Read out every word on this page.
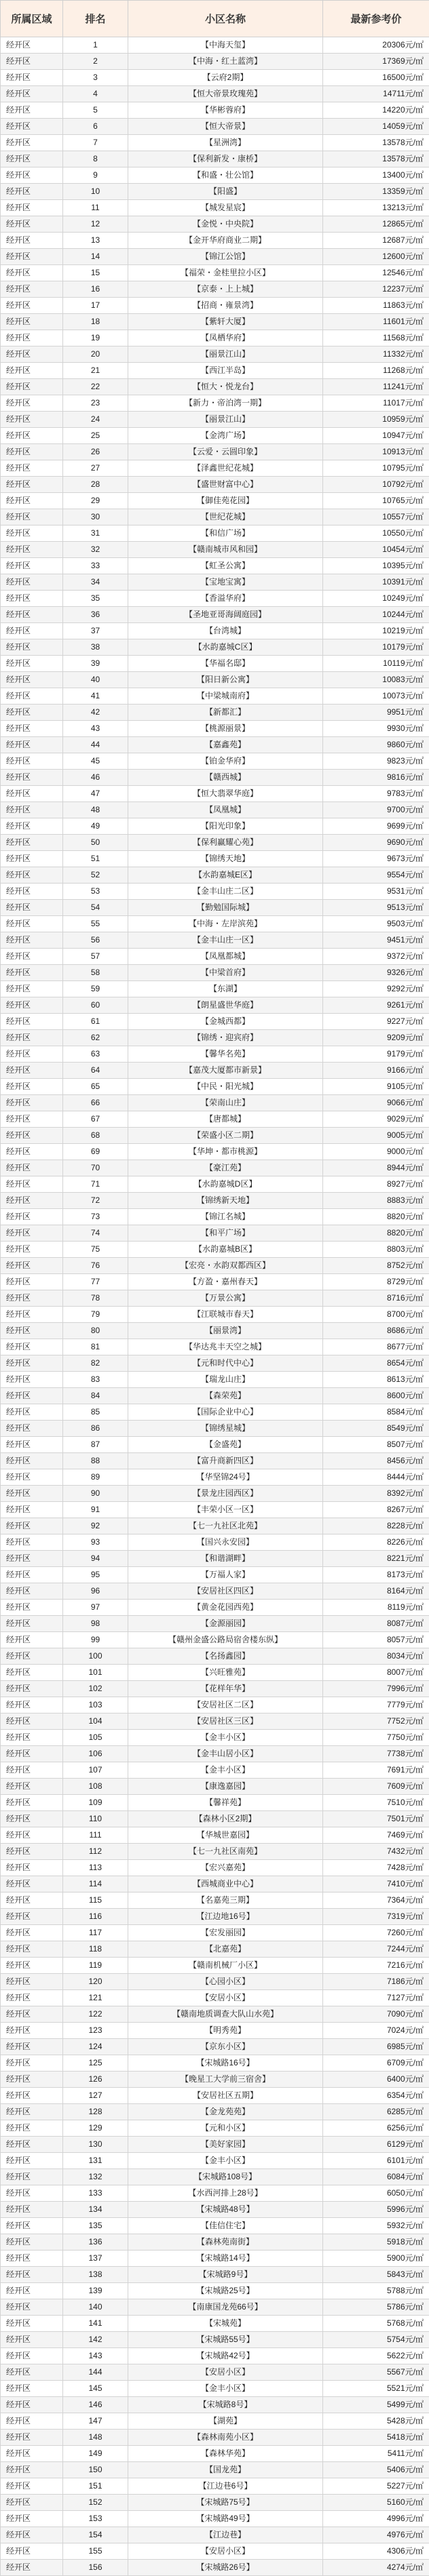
所属区域	排名	小区名称	最新参考价
经开区	1	【中海天玺】	20306元/㎡
经开区	2	【中海・红土蓝湾】	17369元/㎡
经开区	3	【云府2期】	16500元/㎡
经开区	4	【恒大帝景玫瑰苑】	14711元/㎡
经开区	5	【华彬蓉府】	14220元/㎡
经开区	6	【恒大帝景】	14059元/㎡
经开区	7	【星洲湾】	13578元/㎡
经开区	8	【保利新发・康桥】	13578元/㎡
经开区	9	【和盛・壮公馆】	13400元/㎡
经开区	10	【阳盛】	13359元/㎡
经开区	11	【城发星宸】	13213元/㎡
经开区	12	【金悦・中央院】	12865元/㎡
经开区	13	【金开华府商业二期】	12687元/㎡
经开区	14	【锦江公馆】	12600元/㎡
经开区	15	【福荣・金桂里拉小区】	12546元/㎡
经开区	16	【京泰・上上城】	12237元/㎡
经开区	17	【招商・雍景湾】	11863元/㎡
经开区	18	【紫轩大厦】	11601元/㎡
经开区	19	【凤栖华府】	11568元/㎡
经开区	20	【丽景江山】	11332元/㎡
经开区	21	【西江半岛】	11268元/㎡
经开区	22	【恒大・悦龙台】	11241元/㎡
经开区	23	【新力・帝泊湾一期】	11017元/㎡
经开区	24	【丽景江山】	10959元/㎡
经开区	25	【金湾广场】	10947元/㎡
经开区	26	【云爱・云圆印象】	10913元/㎡
经开区	27	【泽鑫世纪花城】	10795元/㎡
经开区	28	【盛世财富中心】	10792元/㎡
经开区	29	【御佳苑花园】	10765元/㎡
经开区	30	【世纪花城】	10557元/㎡
经开区	31	【和信广场】	10550元/㎡
经开区	32	【赣南城市风和园】	10454元/㎡
经开区	33	【虹圣公寓】	10395元/㎡
经开区	34	【宝地宝寓】	10391元/㎡
经开区	35	【香溢华府】	10249元/㎡
经开区	36	【圣地亚哥海阔庭园】	10244元/㎡
经开区	37	【台湾城】	10219元/㎡
经开区	38	【水韵嘉城C区】	10179元/㎡
经开区	39	【华福名邸】	10119元/㎡
经开区	40	【阳日新公寓】	10083元/㎡
经开区	41	【中梁城南府】	10073元/㎡
经开区	42	【新都汇】	9951元/㎡
经开区	43	【桃源丽景】	9930元/㎡
经开区	44	【嘉鑫苑】	9860元/㎡
经开区	45	【铂金华府】	9823元/㎡
经开区	46	【赣西城】	9816元/㎡
经开区	47	【恒大翡翠华庭】	9783元/㎡
经开区	48	【凤凰城】	9700元/㎡
经开区	49	【阳光印象】	9699元/㎡
经开区	50	【保利赢耀心苑】	9690元/㎡
经开区	51	【锦绣天地】	9673元/㎡
经开区	52	【水韵嘉城E区】	9554元/㎡
经开区	53	【金丰山庄二区】	9531元/㎡
经开区	54	【勤勉国际城】	9513元/㎡
经开区	55	【中海・左岸滨苑】	9503元/㎡
经开区	56	【金丰山庄一区】	9451元/㎡
经开区	57	【凤凰都城】	9372元/㎡
经开区	58	【中梁首府】	9326元/㎡
经开区	59	【东湖】	9292元/㎡
经开区	60	【朗星盛世华庭】	9261元/㎡
经开区	61	【金城西都】	9227元/㎡
经开区	62	【锦绣・迎宾府】	9209元/㎡
经开区	63	【馨华名苑】	9179元/㎡
经开区	64	【嘉茂大厦都市新景】	9166元/㎡
经开区	65	【中民・阳光城】	9105元/㎡
经开区	66	【荣南山庄】	9066元/㎡
经开区	67	【唐都城】	9029元/㎡
经开区	68	【荣盛小区二期】	9005元/㎡
经开区	69	【华坤・都市桃源】	9000元/㎡
经开区	70	【豪江苑】	8944元/㎡
经开区	71	【水韵嘉城D区】	8927元/㎡
经开区	72	【锦绣新天地】	8883元/㎡
经开区	73	【锦江名城】	8820元/㎡
经开区	74	【和平广场】	8820元/㎡
经开区	75	【水韵嘉城B区】	8803元/㎡
经开区	76	【宏亮・水韵双都西区】	8752元/㎡
经开区	77	【方盈・嘉州春天】	8729元/㎡
经开区	78	【万景公寓】	8716元/㎡
经开区	79	【江联城市春天】	8700元/㎡
经开区	80	【丽景湾】	8686元/㎡
经开区	81	【华达兆丰天空之城】	8677元/㎡
经开区	82	【元和时代中心】	8654元/㎡
经开区	83	【瑞龙山庄】	8613元/㎡
经开区	84	【森荣苑】	8600元/㎡
经开区	85	【国际企业中心】	8584元/㎡
经开区	86	【锦绣星城】	8549元/㎡
经开区	87	【金盛苑】	8507元/㎡
经开区	88	【富升商新四区】	8456元/㎡
经开区	89	【华坚锦24号】	8444元/㎡
经开区	90	【景龙庄园西区】	8392元/㎡
经开区	91	【丰荣小区一区】	8267元/㎡
经开区	92	【七一九社区北苑】	8228元/㎡
经开区	93	【国兴永安园】	8226元/㎡
经开区	94	【和谐湖畔】	8221元/㎡
经开区	95	【万福人家】	8173元/㎡
经开区	96	【安居社区四区】	8164元/㎡
经开区	97	【黄金花园西苑】	8119元/㎡
经开区	98	【金源丽园】	8087元/㎡
经开区	99	【赣州金盛公路局宿舍楼东纵】	8057元/㎡
经开区	100	【名扬鑫园】	8034元/㎡
经开区	101	【兴旺雅苑】	8007元/㎡
经开区	102	【花样年华】	7996元/㎡
经开区	103	【安居社区二区】	7779元/㎡
经开区	104	【安居社区三区】	7752元/㎡
经开区	105	【金丰小区】	7750元/㎡
经开区	106	【金丰山居小区】	7738元/㎡
经开区	107	【金丰小区】	7691元/㎡
经开区	108	【康逸嘉园】	7609元/㎡
经开区	109	【馨祥苑】	7510元/㎡
经开区	110	【森林小区2期】	7501元/㎡
经开区	111	【华城世嘉园】	7469元/㎡
经开区	112	【七一九社区南苑】	7432元/㎡
经开区	113	【宏兴嘉苑】	7428元/㎡
经开区	114	【西城商业中心】	7410元/㎡
经开区	115	【名嘉苑三期】	7364元/㎡
经开区	116	【江边地16号】	7319元/㎡
经开区	117	【宏发丽园】	7260元/㎡
经开区	118	【北嘉苑】	7244元/㎡
经开区	119	【赣南机械厂小区】	7216元/㎡
经开区	120	【心园小区】	7186元/㎡
经开区	121	【安居小区】	7127元/㎡
经开区	122	【赣南地质调查大队山水苑】	7090元/㎡
经开区	123	【明秀苑】	7024元/㎡
经开区	124	【京东小区】	6985元/㎡
经开区	125	【宋城路16号】	6709元/㎡
经开区	126	【晚星工大学前三宿舍】	6400元/㎡
经开区	127	【安居社区五期】	6354元/㎡
经开区	128	【金龙苑苑】	6285元/㎡
经开区	129	【元和小区】	6256元/㎡
经开区	130	【美好家园】	6129元/㎡
经开区	131	【金丰小区】	6101元/㎡
经开区	132	【宋城路108号】	6084元/㎡
经开区	133	【水西河排上28号】	6050元/㎡
经开区	134	【宋城路48号】	5996元/㎡
经开区	135	【佳信住宅】	5932元/㎡
经开区	136	【森林苑南街】	5918元/㎡
经开区	137	【宋城路14号】	5900元/㎡
经开区	138	【宋城路9号】	5843元/㎡
经开区	139	【宋城路25号】	5788元/㎡
经开区	140	【南康国龙苑66号】	5786元/㎡
经开区	141	【宋城苑】	5768元/㎡
经开区	142	【宋城路55号】	5754元/㎡
经开区	143	【宋城路42号】	5622元/㎡
经开区	144	【安居小区】	5567元/㎡
经开区	145	【金丰小区】	5521元/㎡
经开区	146	【宋城路8号】	5499元/㎡
经开区	147	【湖苑】	5428元/㎡
经开区	148	【森林南苑小区】	5418元/㎡
经开区	149	【森林华苑】	5411元/㎡
经开区	150	【国龙苑】	5406元/㎡
经开区	151	【江边巷6号】	5227元/㎡
经开区	152	【宋城路75号】	5160元/㎡
经开区	153	【宋城路49号】	4996元/㎡
经开区	154	【江边巷】	4976元/㎡
经开区	155	【安居小区】	4306元/㎡
经开区	156	【宋城路26号】	4274元/㎡
